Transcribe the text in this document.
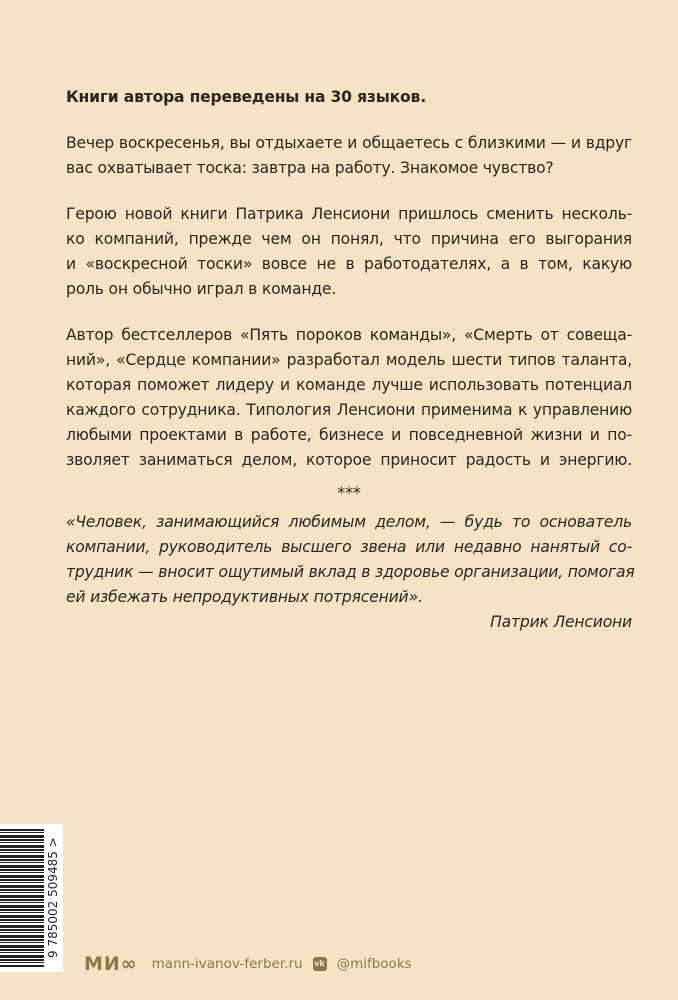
Книги автора переведены на 30 языков.
Вечер воскресенья, вы отдыхаете и общаетесь с близкими — и вдруг
вас охватывает тоска: завтра на работу. Знакомое чувство?
Герою новой книги Патрика Ленсиони пришлось сменить несколь-
ко компаний, прежде чем он понял, что причина его выгорания
и «воскресной тоски» вовсе не в работодателях, а в том, какую
роль он обычно играл в команде.
Автор бестселлеров «Пять пороков команды», «Смерть от совеща-
ний», «Сердце компании» разработал модель шести типов таланта,
которая поможет лидеру и команде лучше использовать потенциал
каждого сотрудника. Типология Ленсиони применима к управлению
любыми проектами в работе, бизнесе и повседневной жизни и по-
зволяет заниматься делом, которое приносит радость и энергию.
***
«Человек, занимающийся любимым делом, — будь то основатель
компании, руководитель высшего звена или недавно нанятый со-
трудник — вносит ощутимый вклад в здоровье организации, помогая
ей избежать непродуктивных потрясений».
Патрик Ленсиони
9 785002 509485 >
МИ∞ mann-ivanov-ferber.ru vk @mifbooks
